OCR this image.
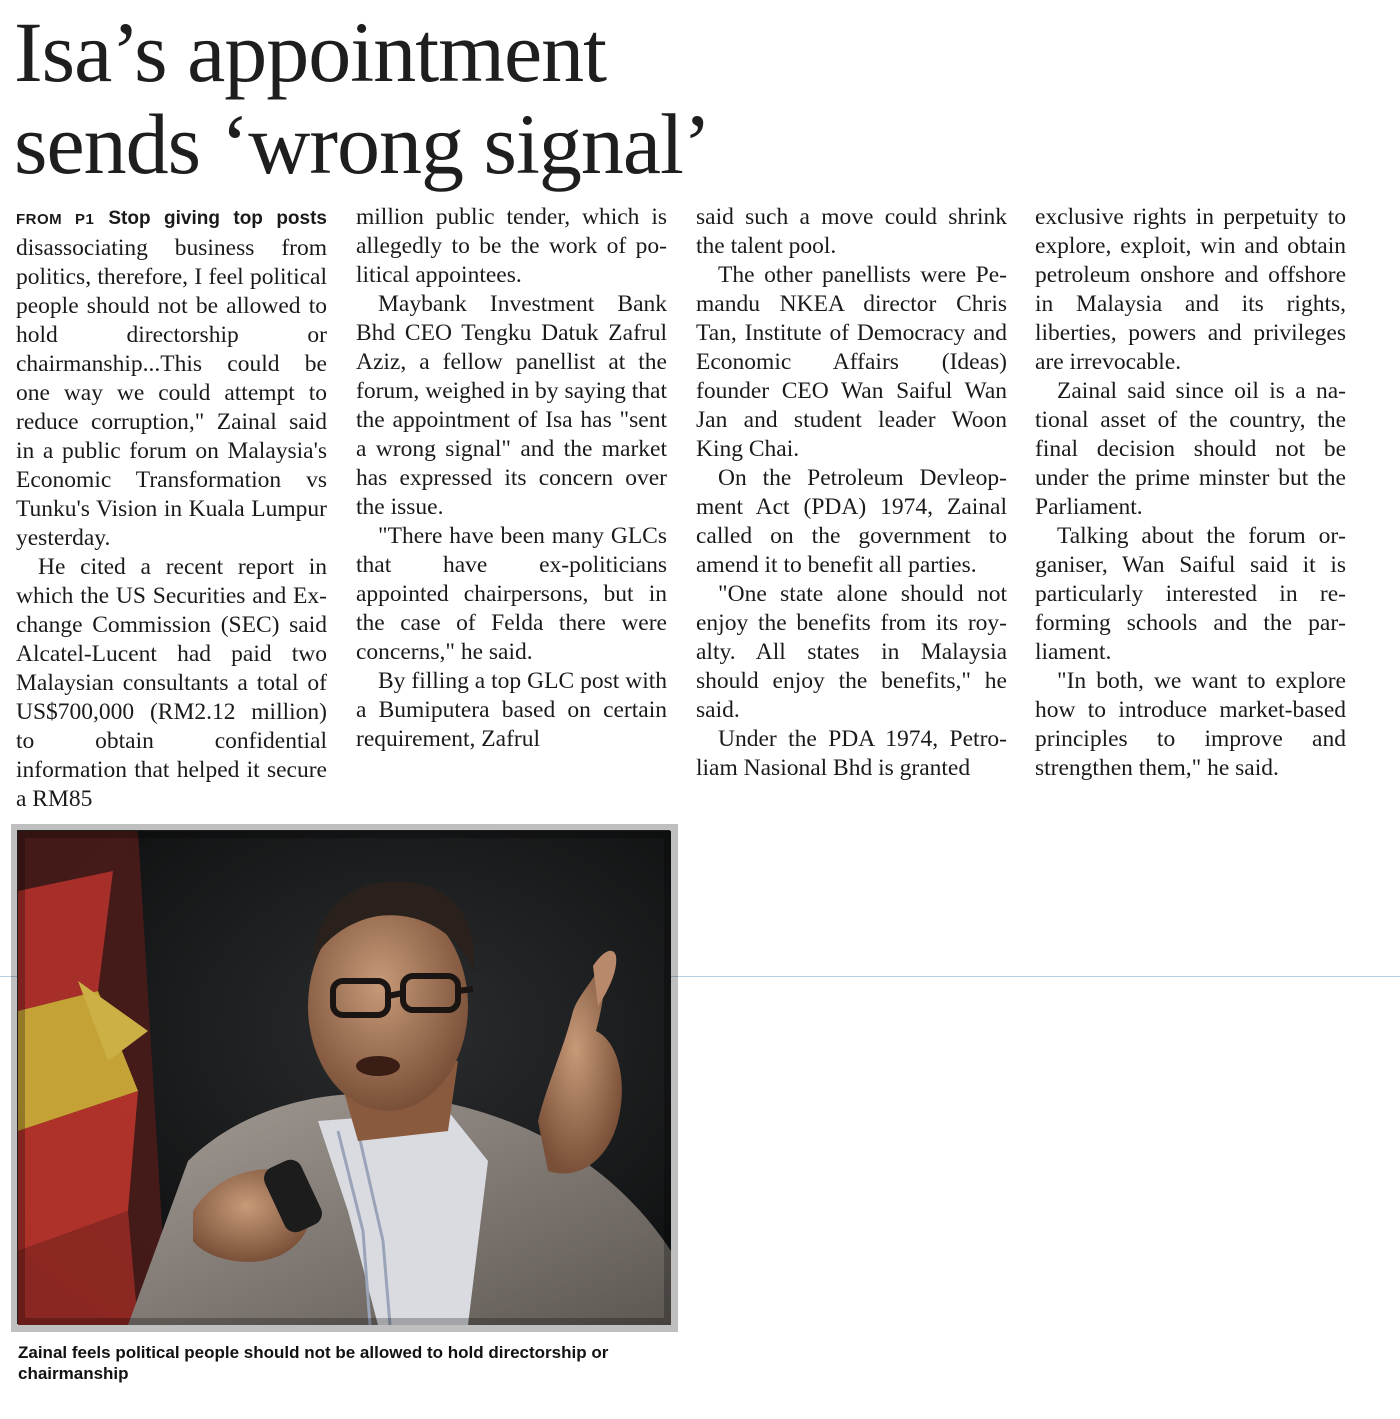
Isa’s appointment
sends ‘wrong signal’

FROM P1 Stop giving top posts disassociating business from politics, therefore, I feel political people should not be allowed to hold directorship or chairmanship...This could be one way we could attempt to reduce corruption," Zainal said in a public forum on Malaysia's Economic Transformation vs Tunku's Vision in Kuala Lumpur yesterday.

He cited a recent report in which the US Securities and Exchange Commission (SEC) said Alcatel-Lucent had paid two Malaysian consultants a total of US$700,000 (RM2.12 million) to obtain confidential information that helped it secure a RM85

million public tender, which is allegedly to be the work of political appointees.

Maybank Investment Bank Bhd CEO Tengku Datuk Zafrul Aziz, a fellow panellist at the forum, weighed in by saying that the appointment of Isa has "sent a wrong signal" and the market has expressed its concern over the issue.

"There have been many GLCs that have ex-politicians appointed chairpersons, but in the case of Felda there were concerns," he said.

By filling a top GLC post with a Bumiputera based on certain requirement, Zafrul

said such a move could shrink the talent pool.

The other panellists were Pemandu NKEA director Chris Tan, Institute of Democracy and Economic Affairs (Ideas) founder CEO Wan Saiful Wan Jan and student leader Woon King Chai.

On the Petroleum Devleopment Act (PDA) 1974, Zainal called on the government to amend it to benefit all parties.

"One state alone should not enjoy the benefits from its royalty. All states in Malaysia should enjoy the benefits," he said.

Under the PDA 1974, Petroliam Nasional Bhd is granted

exclusive rights in perpetuity to explore, exploit, win and obtain petroleum onshore and offshore in Malaysia and its rights, liberties, powers and privileges are irrevocable.

Zainal said since oil is a national asset of the country, the final decision should not be under the prime minster but the Parliament.

Talking about the forum organiser, Wan Saiful said it is particularly interested in reforming schools and the parliament.

"In both, we want to explore how to introduce market-based principles to improve and strengthen them," he said.

Zainal feels political people should not be allowed to hold directorship or chairmanship
